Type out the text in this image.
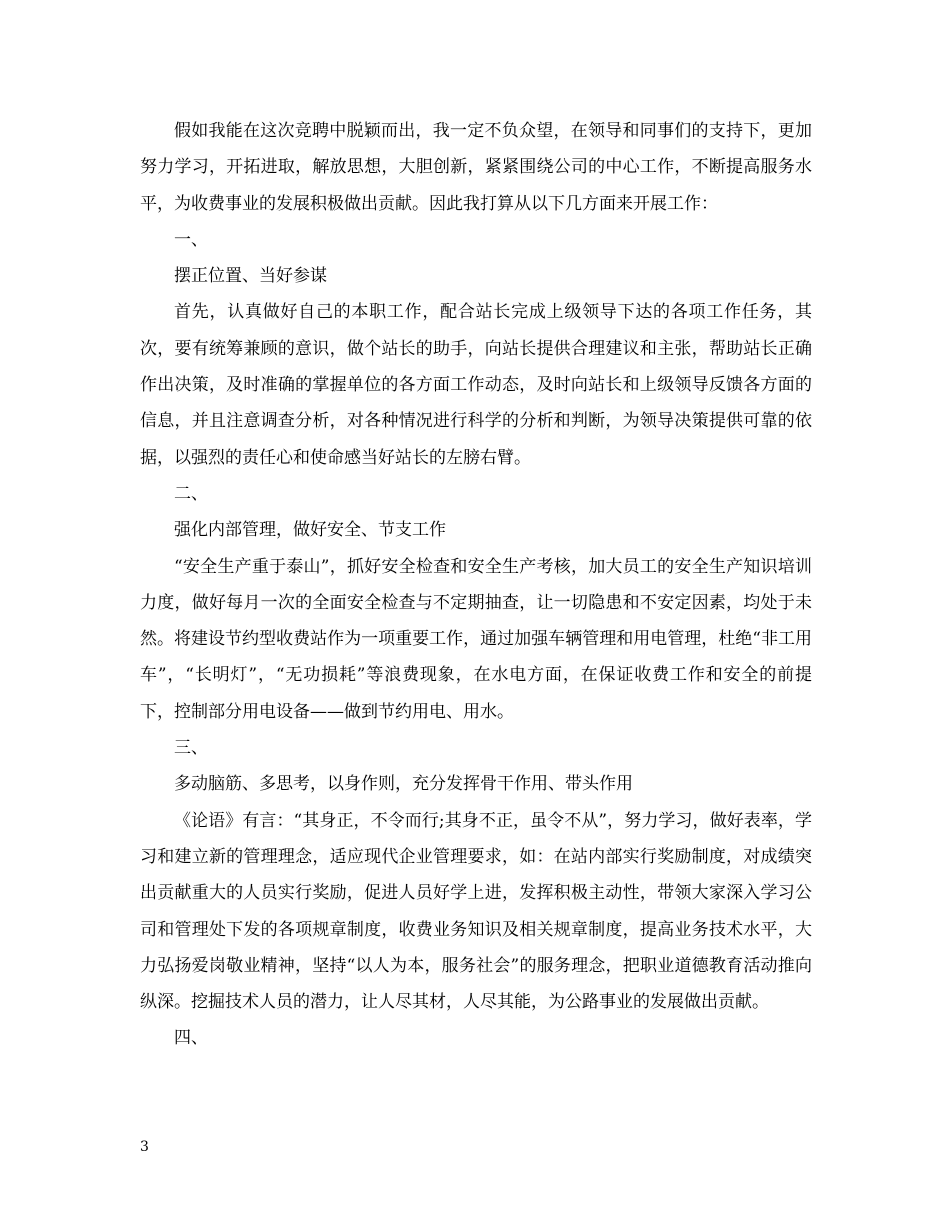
假如我能在这次竞聘中脱颖而出，我一定不负众望，在领导和同事们的支持下，更加努力学习，开拓进取，解放思想，大胆创新，紧紧围绕公司的中心工作，不断提高服务水平，为收费事业的发展积极做出贡献。因此我打算从以下几方面来开展工作：

一、

摆正位置、当好参谋

首先，认真做好自己的本职工作，配合站长完成上级领导下达的各项工作任务，其次，要有统筹兼顾的意识，做个站长的助手，向站长提供合理建议和主张，帮助站长正确作出决策，及时准确的掌握单位的各方面工作动态，及时向站长和上级领导反馈各方面的信息，并且注意调查分析，对各种情况进行科学的分析和判断，为领导决策提供可靠的依据，以强烈的责任心和使命感当好站长的左膀右臂。

二、

强化内部管理，做好安全、节支工作

“安全生产重于泰山”，抓好安全检查和安全生产考核，加大员工的安全生产知识培训力度，做好每月一次的全面安全检查与不定期抽查，让一切隐患和不安定因素，均处于未然。将建设节约型收费站作为一项重要工作，通过加强车辆管理和用电管理，杜绝“非工用车”，“长明灯”，“无功损耗”等浪费现象，在水电方面，在保证收费工作和安全的前提下，控制部分用电设备——做到节约用电、用水。

三、

多动脑筋、多思考，以身作则，充分发挥骨干作用、带头作用

《论语》有言：“其身正，不令而行;其身不正，虽令不从”，努力学习，做好表率，学习和建立新的管理理念，适应现代企业管理要求，如：在站内部实行奖励制度，对成绩突出贡献重大的人员实行奖励，促进人员好学上进，发挥积极主动性，带领大家深入学习公司和管理处下发的各项规章制度，收费业务知识及相关规章制度，提高业务技术水平，大力弘扬爱岗敬业精神，坚持“以人为本，服务社会”的服务理念，把职业道德教育活动推向纵深。挖掘技术人员的潜力，让人尽其材，人尽其能，为公路事业的发展做出贡献。

四、

3
